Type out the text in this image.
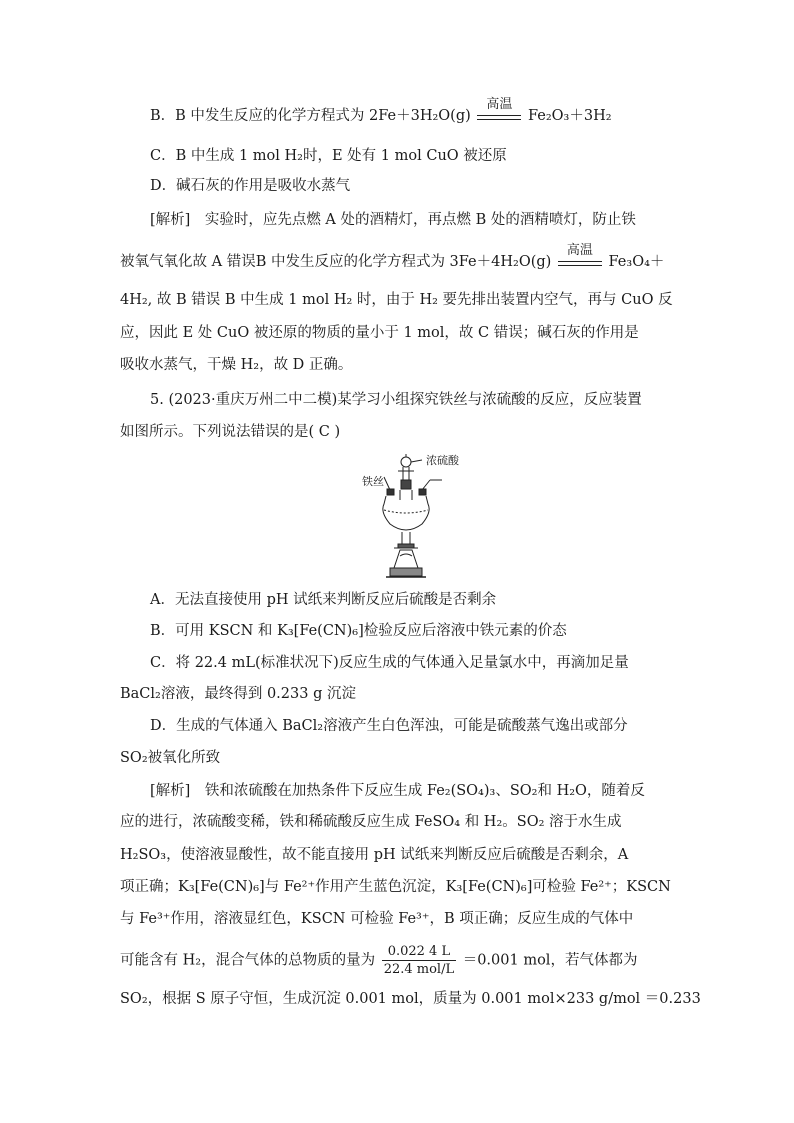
B．B 中发生反应的化学方程式为 2Fe＋3H₂O(g)
高温
Fe₂O₃＋3H₂
C．B 中生成 1 mol H₂时，E 处有 1 mol CuO 被还原
D．碱石灰的作用是吸收水蒸气
[解析]　实验时，应先点燃 A 处的酒精灯，再点燃 B 处的酒精喷灯，防止铁
被氧气氧化故 A 错误B 中发生反应的化学方程式为 3Fe＋4H₂O(g)
高温
Fe₃O₄＋
4H₂, 故 B 错误 B 中生成 1 mol H₂ 时，由于 H₂ 要先排出装置内空气，再与 CuO 反
应，因此 E 处 CuO 被还原的物质的量小于 1 mol，故 C 错误；碱石灰的作用是
吸收水蒸气，干燥 H₂，故 D 正确。
5. (2023·重庆万州二中二模)某学习小组探究铁丝与浓硫酸的反应，反应装置
如图所示。下列说法错误的是( C )
浓硫酸
铁丝
A．无法直接使用 pH 试纸来判断反应后硫酸是否剩余
B．可用 KSCN 和 K₃[Fe(CN)₆]检验反应后溶液中铁元素的价态
C．将 22.4 mL(标准状况下)反应生成的气体通入足量氯水中，再滴加足量
BaCl₂溶液，最终得到 0.233 g 沉淀
D．生成的气体通入 BaCl₂溶液产生白色浑浊，可能是硫酸蒸气逸出或部分
SO₂被氧化所致
[解析]　铁和浓硫酸在加热条件下反应生成 Fe₂(SO₄)₃、SO₂和 H₂O，随着反
应的进行，浓硫酸变稀，铁和稀硫酸反应生成 FeSO₄ 和 H₂。SO₂ 溶于水生成
H₂SO₃，使溶液显酸性，故不能直接用 pH 试纸来判断反应后硫酸是否剩余，A
项正确；K₃[Fe(CN)₆]与 Fe²⁺作用产生蓝色沉淀，K₃[Fe(CN)₆]可检验 Fe²⁺；KSCN
与 Fe³⁺作用，溶液显红色，KSCN 可检验 Fe³⁺，B 项正确；反应生成的气体中
可能含有 H₂，混合气体的总物质的量为 $\frac{0.022 4 L}{\text{22.4 mol/L}} =0.001$ mol，若气体都为
SO₂，根据 S 原子守恒，生成沉淀 0.001 mol，质量为 0.001 mol×233 g/mol ＝0.233
